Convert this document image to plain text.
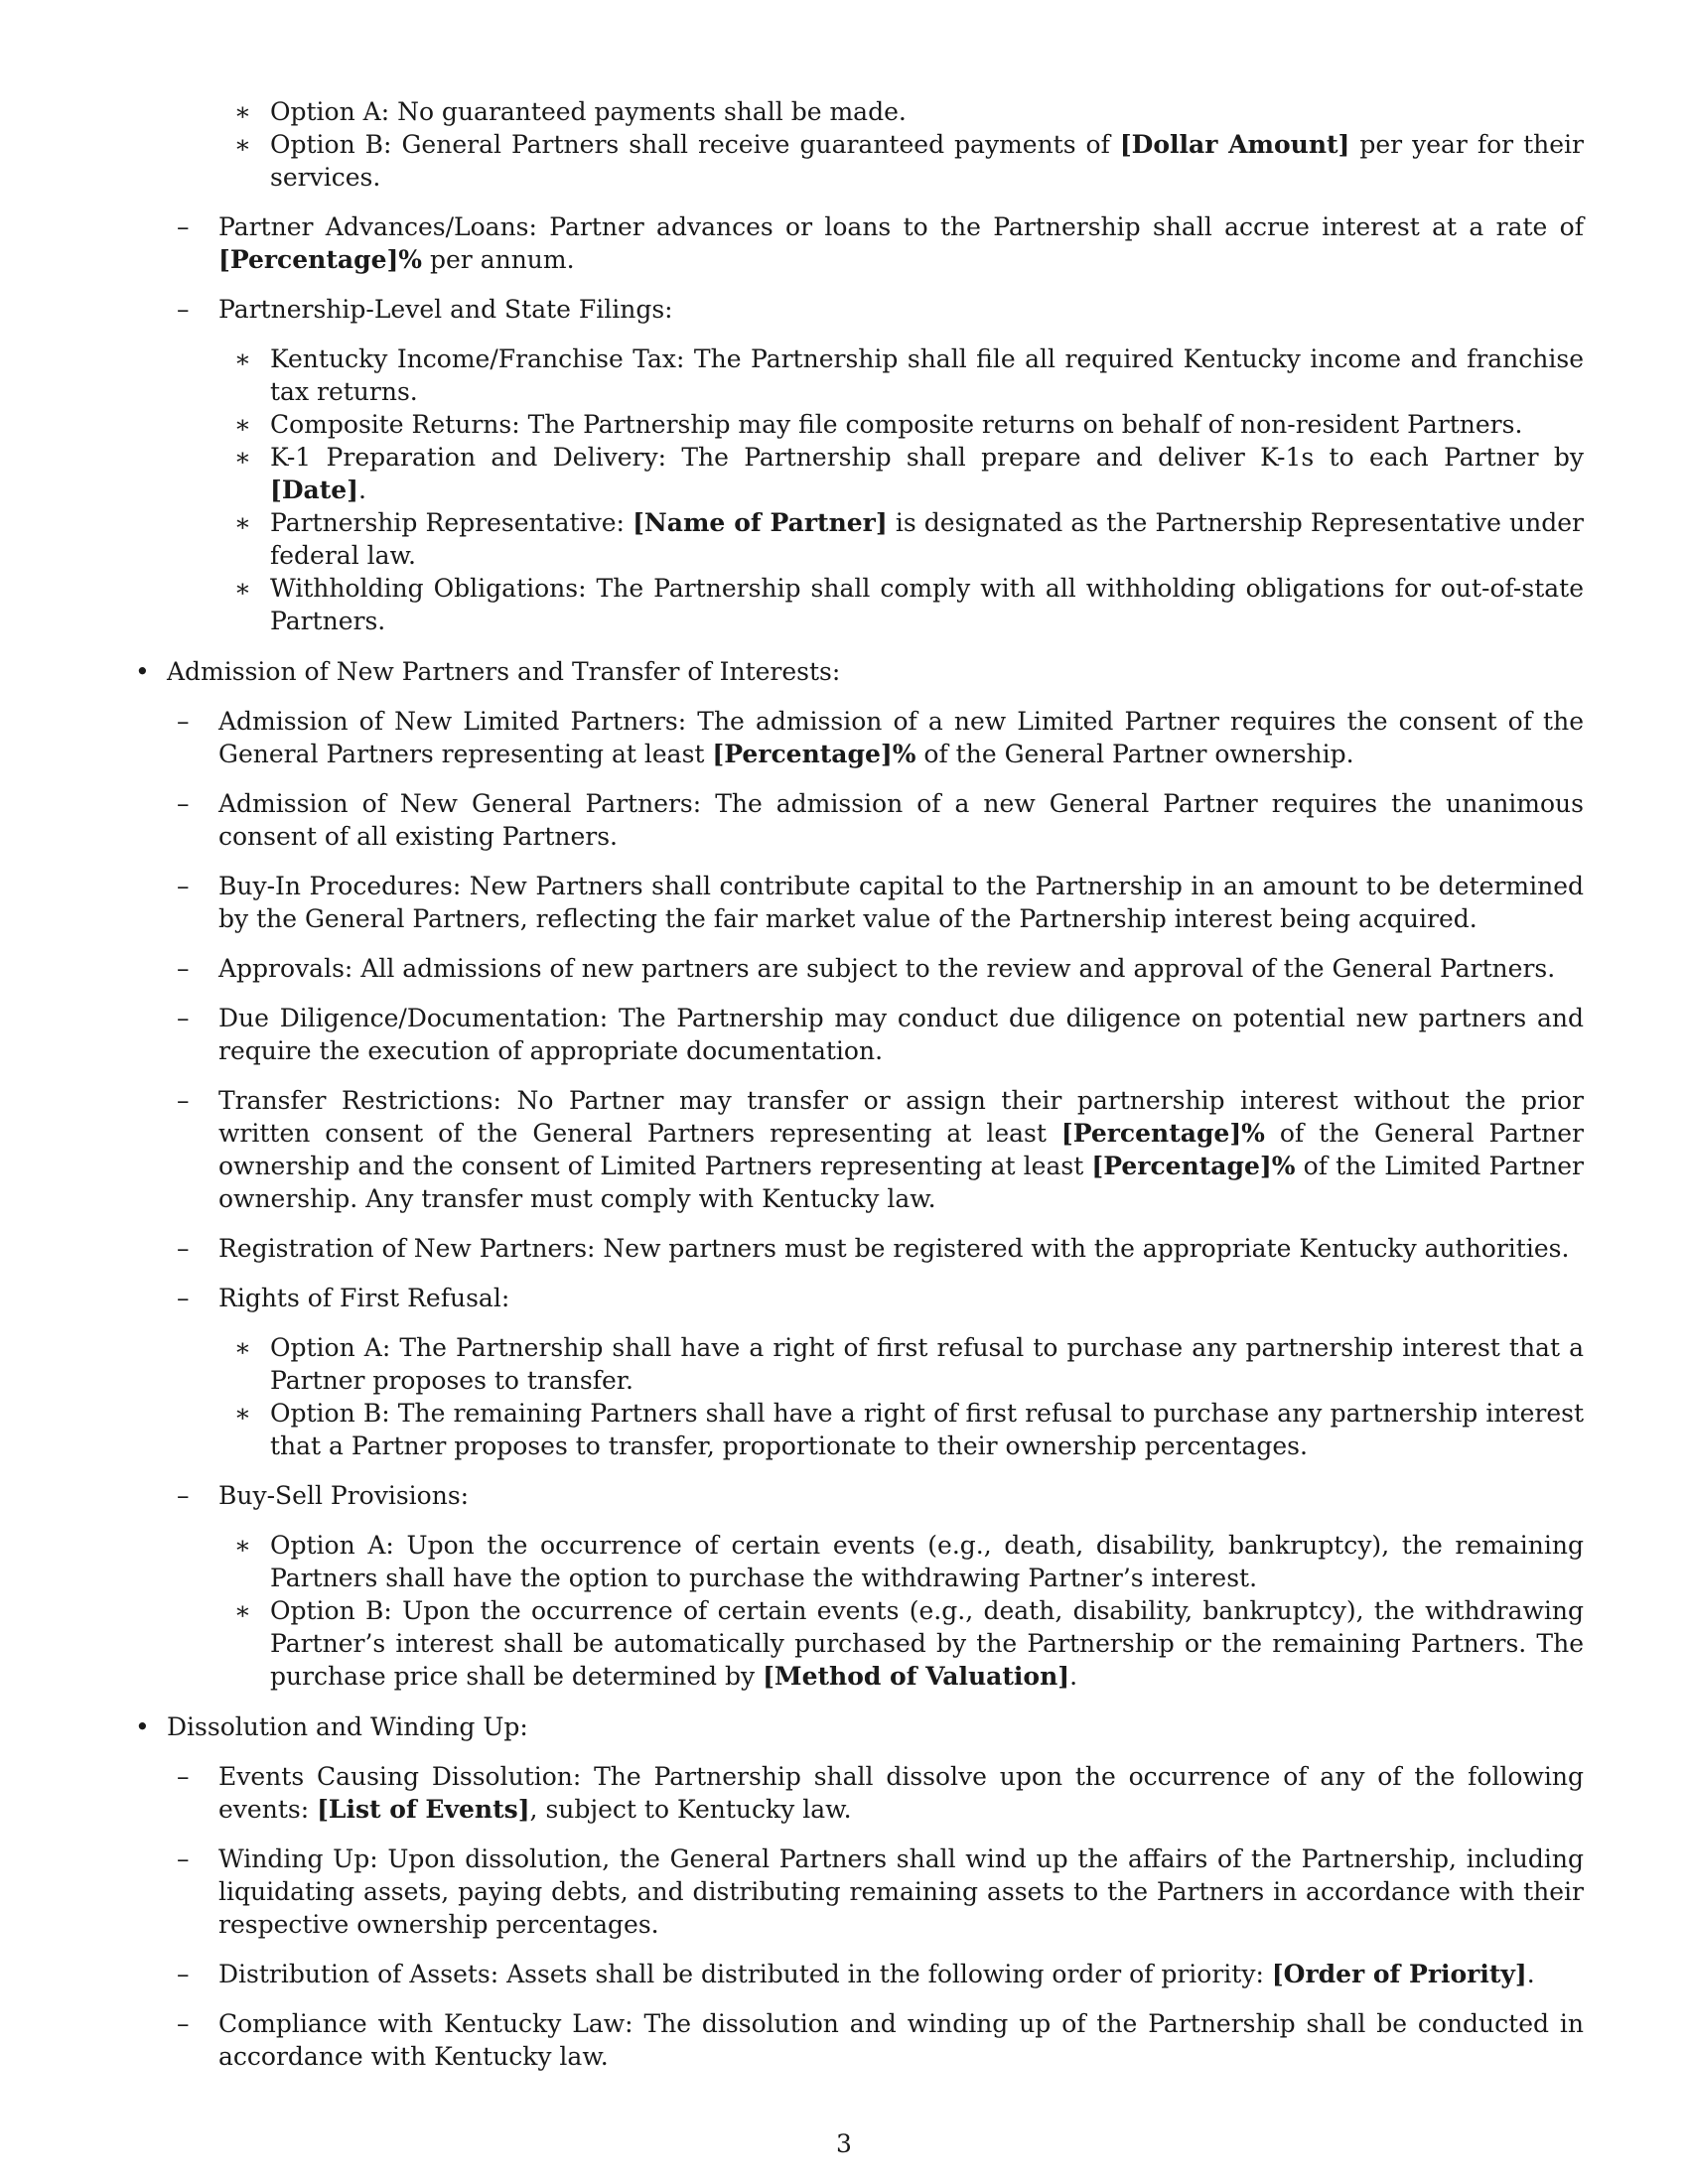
∗ Option A: No guaranteed payments shall be made.
∗ Option B: General Partners shall receive guaranteed payments of [Dollar Amount] per year for their services.
– Partner Advances/Loans: Partner advances or loans to the Partnership shall accrue interest at a rate of [Percentage]% per annum.
– Partnership-Level and State Filings:
∗ Kentucky Income/Franchise Tax: The Partnership shall file all required Kentucky income and franchise tax returns.
∗ Composite Returns: The Partnership may file composite returns on behalf of non-resident Partners.
∗ K-1 Preparation and Delivery: The Partnership shall prepare and deliver K-1s to each Partner by [Date].
∗ Partnership Representative: [Name of Partner] is designated as the Partnership Representative under federal law.
∗ Withholding Obligations: The Partnership shall comply with all withholding obligations for out-of-state Partners.
• Admission of New Partners and Transfer of Interests:
– Admission of New Limited Partners: The admission of a new Limited Partner requires the consent of the General Partners representing at least [Percentage]% of the General Partner ownership.
– Admission of New General Partners: The admission of a new General Partner requires the unanimous consent of all existing Partners.
– Buy-In Procedures: New Partners shall contribute capital to the Partnership in an amount to be determined by the General Partners, reflecting the fair market value of the Partnership interest being acquired.
– Approvals: All admissions of new partners are subject to the review and approval of the General Partners.
– Due Diligence/Documentation: The Partnership may conduct due diligence on potential new partners and require the execution of appropriate documentation.
– Transfer Restrictions: No Partner may transfer or assign their partnership interest without the prior written consent of the General Partners representing at least [Percentage]% of the General Partner ownership and the consent of Limited Partners representing at least [Percentage]% of the Limited Partner ownership. Any transfer must comply with Kentucky law.
– Registration of New Partners: New partners must be registered with the appropriate Kentucky authorities.
– Rights of First Refusal:
∗ Option A: The Partnership shall have a right of first refusal to purchase any partnership interest that a Partner proposes to transfer.
∗ Option B: The remaining Partners shall have a right of first refusal to purchase any partnership interest that a Partner proposes to transfer, proportionate to their ownership percentages.
– Buy-Sell Provisions:
∗ Option A: Upon the occurrence of certain events (e.g., death, disability, bankruptcy), the remaining Partners shall have the option to purchase the withdrawing Partner’s interest.
∗ Option B: Upon the occurrence of certain events (e.g., death, disability, bankruptcy), the withdrawing Partner’s interest shall be automatically purchased by the Partnership or the remaining Partners. The purchase price shall be determined by [Method of Valuation].
• Dissolution and Winding Up:
– Events Causing Dissolution: The Partnership shall dissolve upon the occurrence of any of the following events: [List of Events], subject to Kentucky law.
– Winding Up: Upon dissolution, the General Partners shall wind up the affairs of the Partnership, including liquidating assets, paying debts, and distributing remaining assets to the Partners in accordance with their respective ownership percentages.
– Distribution of Assets: Assets shall be distributed in the following order of priority: [Order of Priority].
– Compliance with Kentucky Law: The dissolution and winding up of the Partnership shall be conducted in accordance with Kentucky law.
3
